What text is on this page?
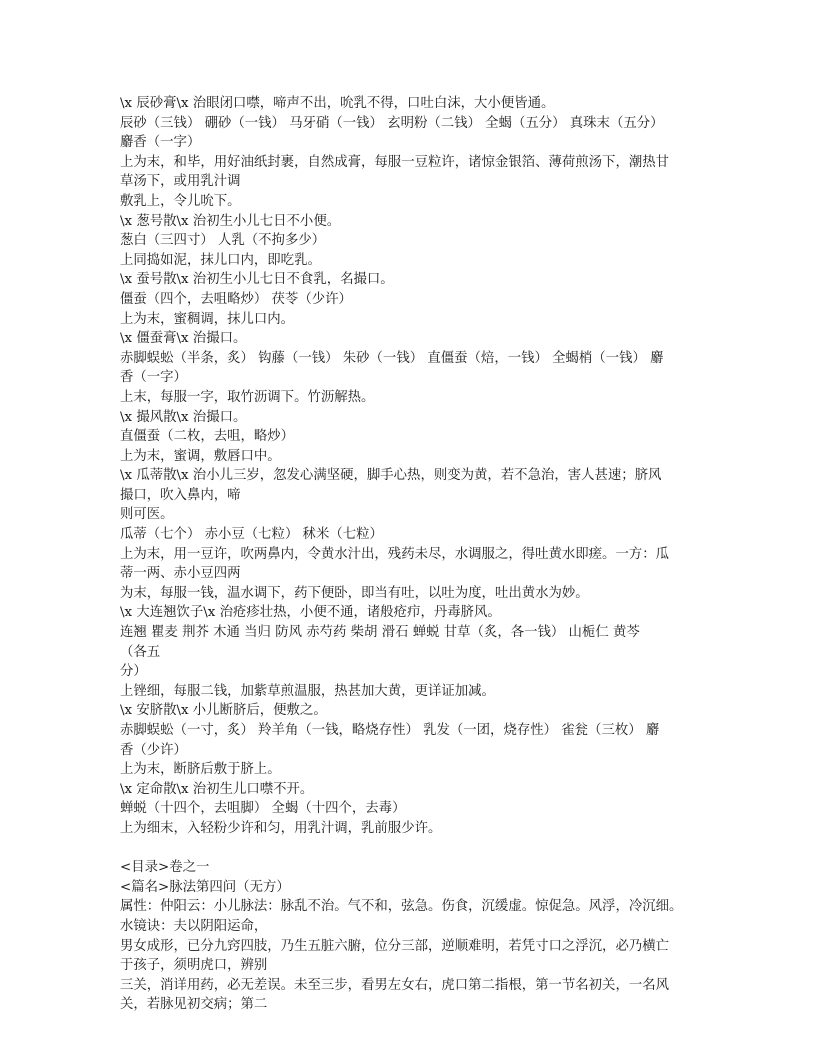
\x 辰砂膏\x 治眼闭口噤，啼声不出，吮乳不得，口吐白沫，大小便皆通。
辰砂（三钱） 硼砂（一钱） 马牙硝（一钱） 玄明粉（二钱） 全蝎（五分） 真珠末（五分）
麝香（一字）
上为末，和毕，用好油纸封裹，自然成膏，每服一豆粒许，诸惊金银箔、薄荷煎汤下，潮热甘
草汤下，或用乳汁调
敷乳上，令儿吮下。
\x 葱号散\x 治初生小儿七日不小便。
葱白（三四寸） 人乳（不拘多少）
上同捣如泥，抹儿口内，即吃乳。
\x 蚕号散\x 治初生小儿七日不食乳，名撮口。
僵蚕（四个，去咀略炒） 茯苓（少许）
上为末，蜜稠调，抹儿口内。
\x 僵蚕膏\x 治撮口。
赤脚蜈蚣（半条，炙） 钩藤（一钱） 朱砂（一钱） 直僵蚕（焙，一钱） 全蝎梢（一钱） 麝
香（一字）
上末，每服一字，取竹沥调下。竹沥解热。
\x 撮风散\x 治撮口。
直僵蚕（二枚，去咀，略炒）
上为末，蜜调，敷唇口中。
\x 瓜蒂散\x 治小儿三岁，忽发心满坚硬，脚手心热，则变为黄，若不急治，害人甚速；脐风
撮口，吹入鼻内，啼
则可医。
瓜蒂（七个） 赤小豆（七粒） 秫米（七粒）
上为末，用一豆许，吹两鼻内，令黄水汁出，残药未尽，水调服之，得吐黄水即瘥。一方：瓜
蒂一两、赤小豆四两
为末，每服一钱，温水调下，药下便卧，即当有吐，以吐为度，吐出黄水为妙。
\x 大连翘饮子\x 治疮疹壮热，小便不通，诸般疮疖，丹毒脐风。
连翘 瞿麦 荆芥 木通 当归 防风 赤芍药 柴胡 滑石 蝉蜕 甘草（炙，各一钱） 山栀仁 黄芩
（各五
分）
上锉细，每服二钱，加紫草煎温服，热甚加大黄，更详证加减。
\x 安脐散\x 小儿断脐后，便敷之。
赤脚蜈蚣（一寸，炙） 羚羊角（一钱，略烧存性） 乳发（一团，烧存性） 雀瓮（三枚） 麝
香（少许）
上为末，断脐后敷于脐上。
\x 定命散\x 治初生儿口噤不开。
蝉蜕（十四个，去咀脚） 全蝎（十四个，去毒）
上为细末，入轻粉少许和匀，用乳汁调，乳前服少许。
<目录>卷之一
<篇名>脉法第四问（无方）
属性：仲阳云：小儿脉法：脉乱不治。气不和，弦急。伤食，沉缓虚。惊促急。风浮，冷沉细。
水镜诀：夫以阴阳运命，
男女成形，已分九窍四肢，乃生五脏六腑，位分三部，逆顺难明，若凭寸口之浮沉，必乃横亡
于孩子，须明虎口，辨别
三关，消详用药，必无差误。未至三步，看男左女右，虎口第二指根，第一节名初关，一名风
关，若脉见初交病；第二
